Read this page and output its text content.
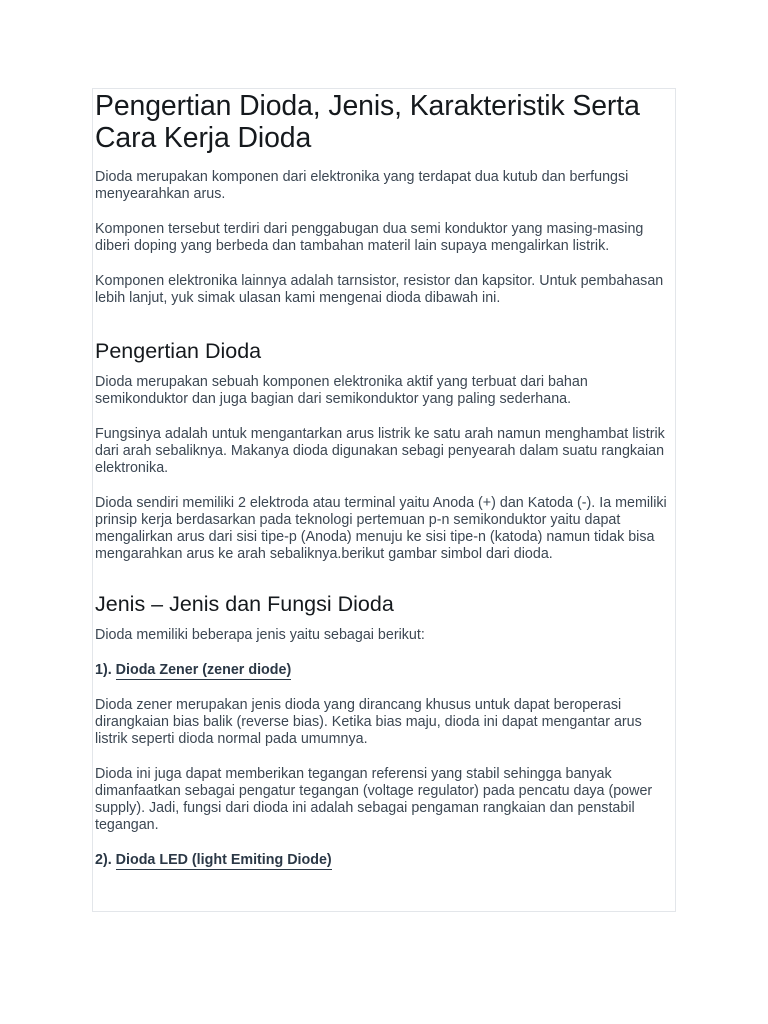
Pengertian Dioda, Jenis, Karakteristik Serta Cara Kerja Dioda

Dioda merupakan komponen dari elektronika yang terdapat dua kutub dan berfungsi menyearahkan arus.

Komponen tersebut terdiri dari penggabugan dua semi konduktor yang masing-masing diberi doping yang berbeda dan tambahan materil lain supaya mengalirkan listrik.

Komponen elektronika lainnya adalah tarnsistor, resistor dan kapsitor. Untuk pembahasan lebih lanjut, yuk simak ulasan kami mengenai dioda dibawah ini.

Pengertian Dioda

Dioda merupakan sebuah komponen elektronika aktif yang terbuat dari bahan semikonduktor dan juga bagian dari semikonduktor yang paling sederhana.

Fungsinya adalah untuk mengantarkan arus listrik ke satu arah namun menghambat listrik dari arah sebaliknya. Makanya dioda digunakan sebagi penyearah dalam suatu rangkaian elektronika.

Dioda sendiri memiliki 2 elektroda atau terminal yaitu Anoda (+) dan Katoda (-). Ia memiliki prinsip kerja berdasarkan pada teknologi pertemuan p-n semikonduktor yaitu dapat mengalirkan arus dari sisi tipe-p (Anoda) menuju ke sisi tipe-n (katoda) namun tidak bisa mengarahkan arus ke arah sebaliknya.berikut gambar simbol dari dioda.

Jenis – Jenis dan Fungsi Dioda

Dioda memiliki beberapa jenis yaitu sebagai berikut:

1). Dioda Zener (zener diode)

Dioda zener merupakan jenis dioda yang dirancang khusus untuk dapat beroperasi dirangkaian bias balik (reverse bias). Ketika bias maju, dioda ini dapat mengantar arus listrik seperti dioda normal pada umumnya.

Dioda ini juga dapat memberikan tegangan referensi yang stabil sehingga banyak dimanfaatkan sebagai pengatur tegangan (voltage regulator) pada pencatu daya (power supply). Jadi, fungsi dari dioda ini adalah sebagai pengaman rangkaian dan penstabil tegangan.

2). Dioda LED (light Emiting Diode)
